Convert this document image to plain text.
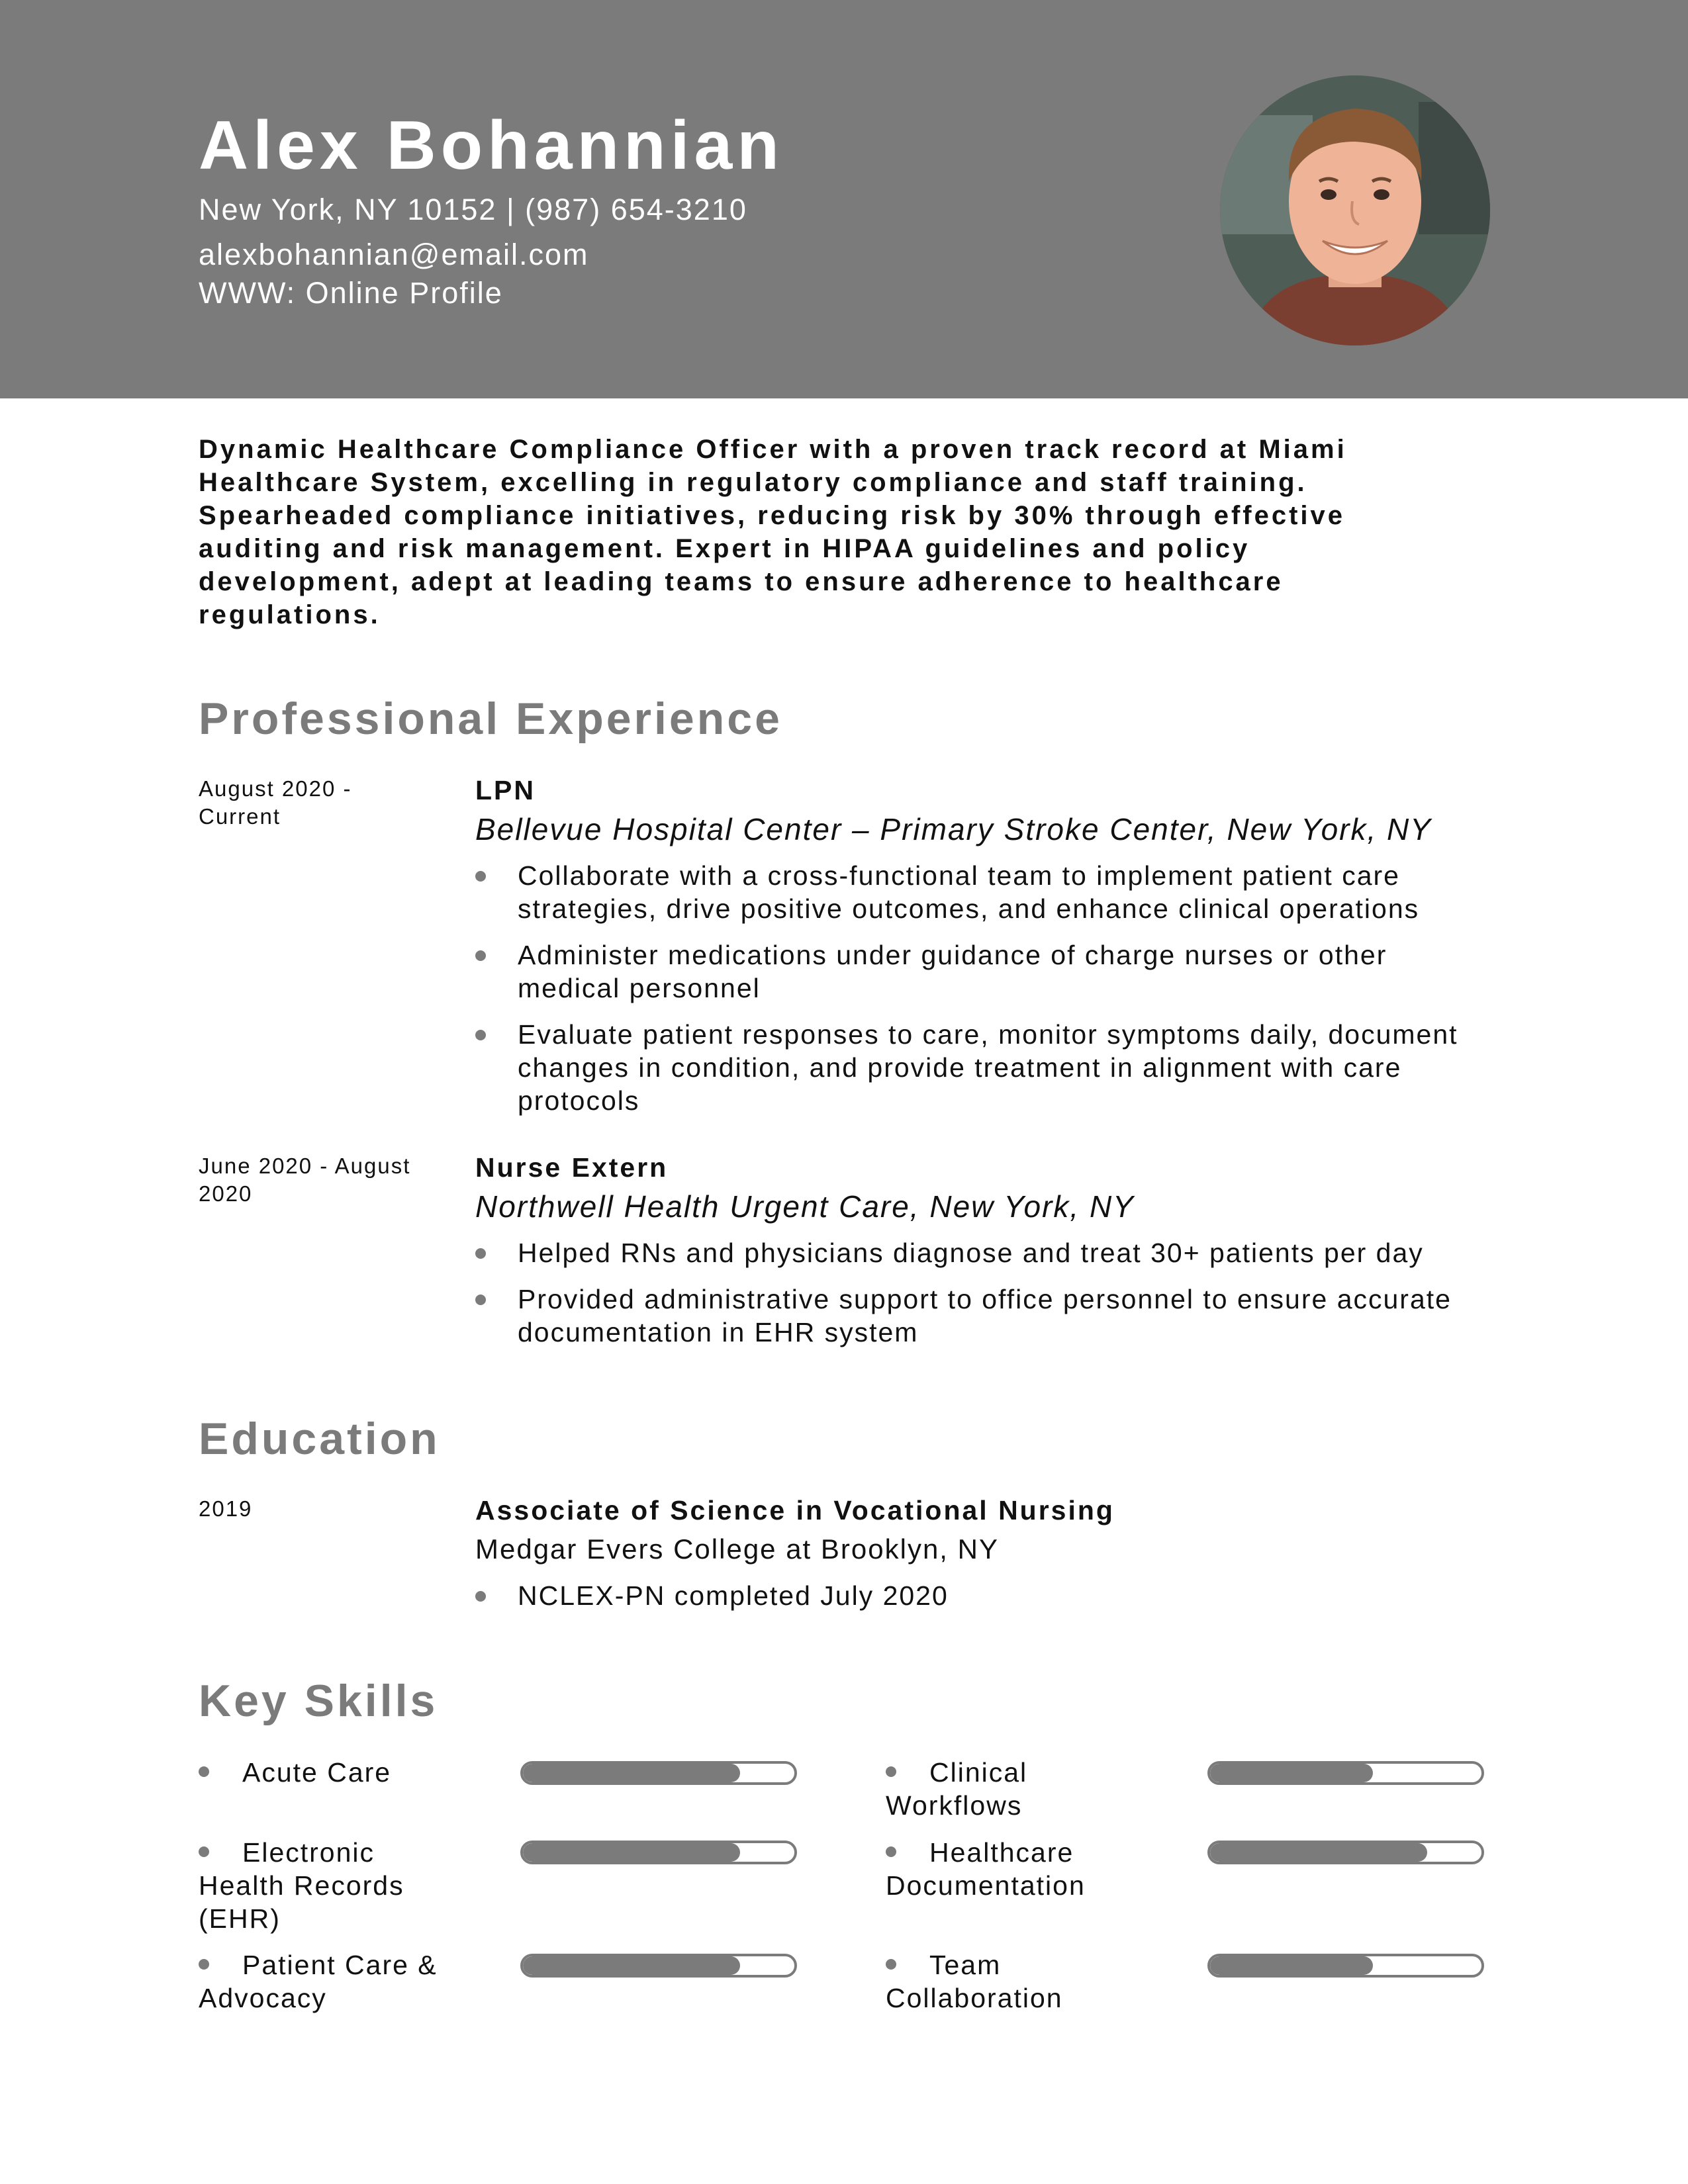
Alex Bohannian
New York, NY 10152 | (987) 654-3210
alexbohannian@email.com
WWW: Online Profile
Dynamic Healthcare Compliance Officer with a proven track record at Miami Healthcare System, excelling in regulatory compliance and staff training. Spearheaded compliance initiatives, reducing risk by 30% through effective auditing and risk management. Expert in HIPAA guidelines and policy development, adept at leading teams to ensure adherence to healthcare regulations.
Professional Experience
August 2020 - Current
LPN
Bellevue Hospital Center – Primary Stroke Center, New York, NY
Collaborate with a cross-functional team to implement patient care strategies, drive positive outcomes, and enhance clinical operations
Administer medications under guidance of charge nurses or other medical personnel
Evaluate patient responses to care, monitor symptoms daily, document changes in condition, and provide treatment in alignment with care protocols
June 2020 - August 2020
Nurse Extern
Northwell Health Urgent Care, New York, NY
Helped RNs and physicians diagnose and treat 30+ patients per day
Provided administrative support to office personnel to ensure accurate documentation in EHR system
Education
2019	Associate of Science in Vocational Nursing
Medgar Evers College at Brooklyn, NY
NCLEX-PN completed July 2020
Key Skills
Acute Care	Clinical Workflows
Electronic Health Records (EHR)
Healthcare Documentation
Patient Care & Advocacy
Team Collaboration
